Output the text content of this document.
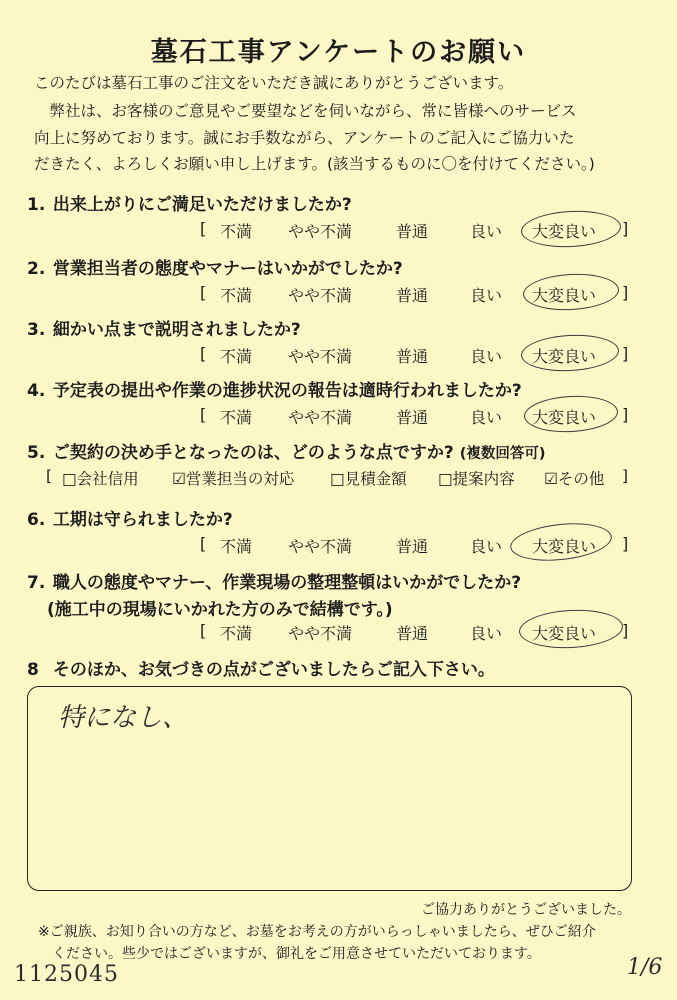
墓石工事アンケートのお願い
このたびは墓石工事のご注文をいただき誠にありがとうございます。
　弊社は、お客様のご意見やご要望などを伺いながら、常に皆様へのサービス
向上に努めております。誠にお手数ながら、アンケートのご記入にご協力いた
だきたく、よろしくお願い申し上げます。(該当するものに〇を付けてください。)
1. 出来上がりにご満足いただけましたか?
[ 不満 やや不満	普通	良い 大変良い ]
2. 営業担当者の態度やマナーはいかがでしたか?
[ 不満 やや不満	普通	良い 大変良い ]
3. 細かい点まで説明されましたか?
[ 不満 やや不満	普通	良い 大変良い ]
4. 予定表の提出や作業の進捗状況の報告は適時行われましたか?
[ 不満 やや不満	普通	良い 大変良い ]
5. ご契約の決め手となったのは、どのような点ですか? (複数回答可)
[ □会社信用 ☑営業担当の対応 □見積金額 □提案内容 ☑その他 ]
6. 工期は守られましたか?
[ 不満 やや不満	普通	良い 大変良い ]
7. 職人の態度やマナー、作業現場の整理整頓はいかがでしたか?
(施工中の現場にいかれた方のみで結構です。)
[ 不満 やや不満	普通	良い 大変良い ]
8 そのほか、お気づきの点がございましたらご記入下さい。
特になし、
ご協力ありがとうございました。
※ご親族、お知り合いの方など、お墓をお考えの方がいらっしゃいましたら、ぜひご紹介
　ください。些少ではございますが、御礼をご用意させていただいております。
1125045	1/6
